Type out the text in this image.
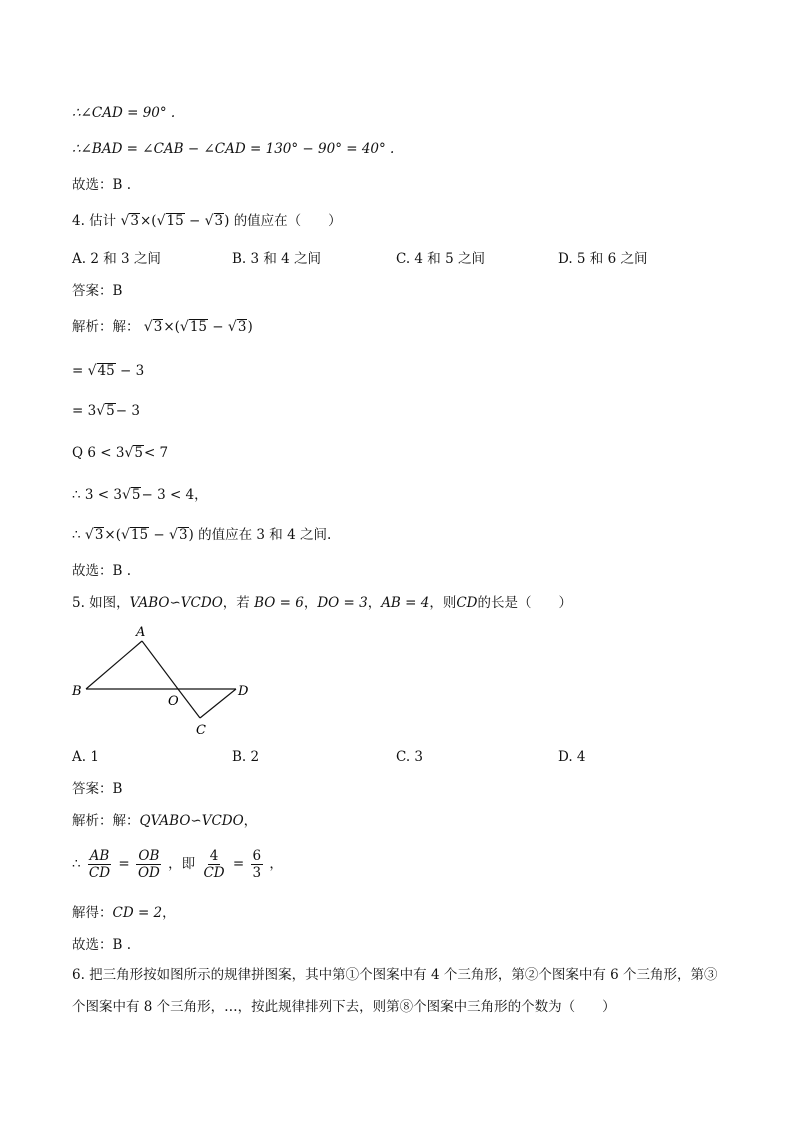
∴∠CAD = 90° .
∴∠BAD = ∠CAB − ∠CAD = 130° − 90° = 40° .
故选：B .
4. 估计 √3×(√15 − √3) 的值应在（　　）
A. 2 和 3 之间	B. 3 和 4 之间	C. 4 和 5 之间	D. 5 和 6 之间
答案：B
解析：解： √3×(√15 − √3)
= √45 − 3
= 3√5− 3
Q 6 < 3√5< 7
∴ 3 < 3√5− 3 < 4，
∴ √3×(√15 − √3) 的值应在 3 和 4 之间.
故选：B .
5. 如图，VABO∽VCDO，若 BO = 6，DO = 3，AB = 4，则CD的长是（　　）
A
B
O
D
C
A. 1	B. 2	C. 3	D. 4
答案：B
解析：解：QVABO∽VCDO，
∴ $\frac{AB}{CD} = \frac{OB}{OD}$ ，即 $\frac{4}{CD} = \frac{6}{3}$ ，
解得：CD = 2，
故选：B .
6. 把三角形按如图所示的规律拼图案，其中第①个图案中有 4 个三角形，第②个图案中有 6 个三角形，第③
个图案中有 8 个三角形，…，按此规律排列下去，则第⑧个图案中三角形的个数为（　　）
